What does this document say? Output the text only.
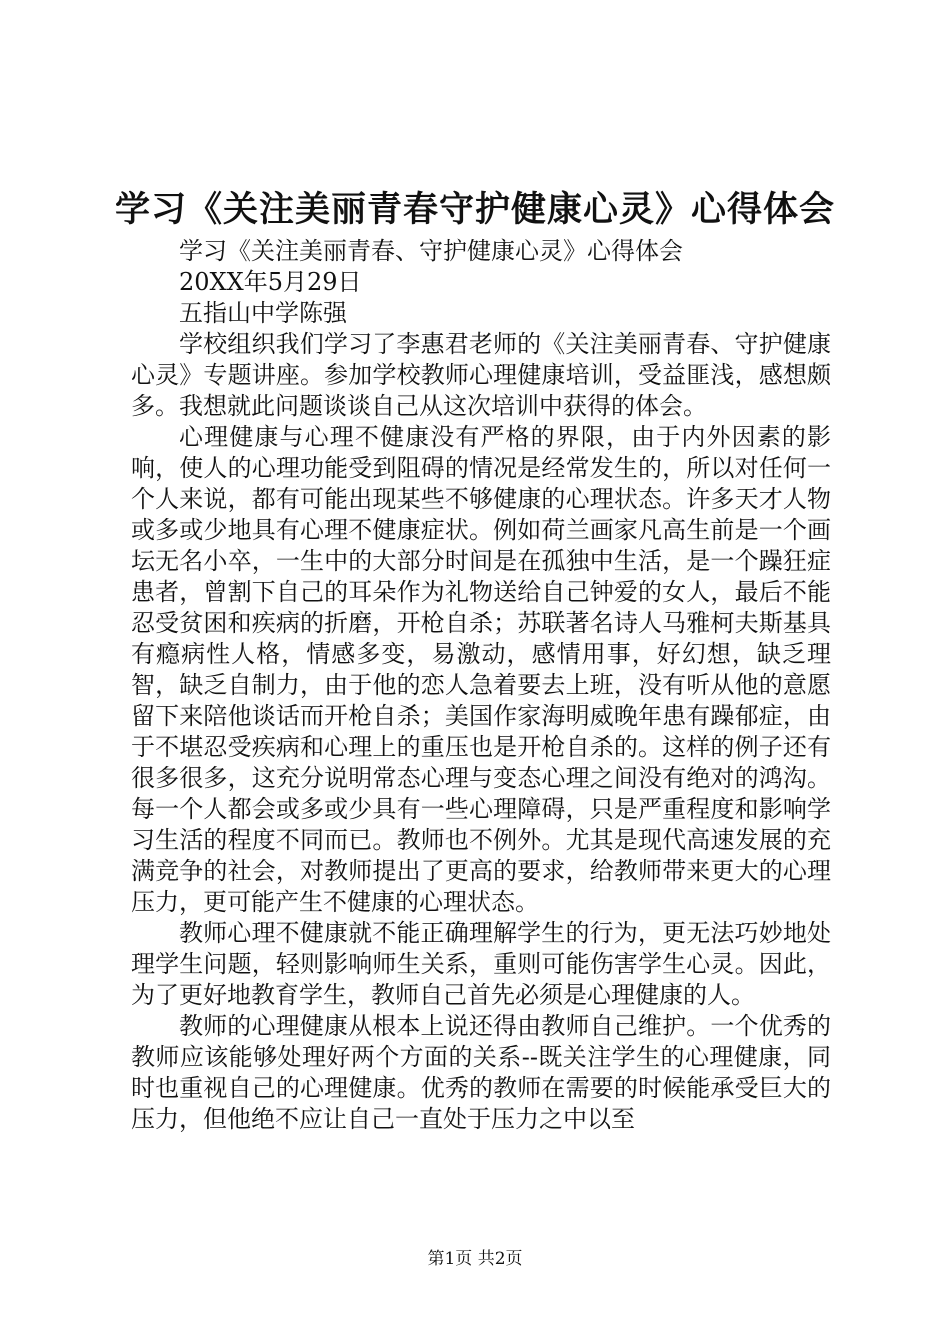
学习《关注美丽青春守护健康心灵》心得体会

学习《关注美丽青春、守护健康心灵》心得体会

20XX年5月29日

五指山中学陈强

学校组织我们学习了李惠君老师的《关注美丽青春、守护健康心灵》专题讲座。参加学校教师心理健康培训，受益匪浅，感想颇多。我想就此问题谈谈自己从这次培训中获得的体会。

心理健康与心理不健康没有严格的界限，由于内外因素的影响，使人的心理功能受到阻碍的情况是经常发生的，所以对任何一个人来说，都有可能出现某些不够健康的心理状态。许多天才人物或多或少地具有心理不健康症状。例如荷兰画家凡高生前是一个画坛无名小卒，一生中的大部分时间是在孤独中生活，是一个躁狂症患者，曾割下自己的耳朵作为礼物送给自己钟爱的女人，最后不能忍受贫困和疾病的折磨，开枪自杀；苏联著名诗人马雅柯夫斯基具有瘾病性人格，情感多变，易激动，感情用事，好幻想，缺乏理智，缺乏自制力，由于他的恋人急着要去上班，没有听从他的意愿留下来陪他谈话而开枪自杀；美国作家海明威晚年患有躁郁症，由于不堪忍受疾病和心理上的重压也是开枪自杀的。这样的例子还有很多很多，这充分说明常态心理与变态心理之间没有绝对的鸿沟。每一个人都会或多或少具有一些心理障碍，只是严重程度和影响学习生活的程度不同而已。教师也不例外。尤其是现代高速发展的充满竞争的社会，对教师提出了更高的要求，给教师带来更大的心理压力，更可能产生不健康的心理状态。

教师心理不健康就不能正确理解学生的行为，更无法巧妙地处理学生问题，轻则影响师生关系，重则可能伤害学生心灵。因此，为了更好地教育学生，教师自己首先必须是心理健康的人。

教师的心理健康从根本上说还得由教师自己维护。一个优秀的教师应该能够处理好两个方面的关系--既关注学生的心理健康，同时也重视自己的心理健康。优秀的教师在需要的时候能承受巨大的压力，但他绝不应让自己一直处于压力之中以至

第1页 共2页
